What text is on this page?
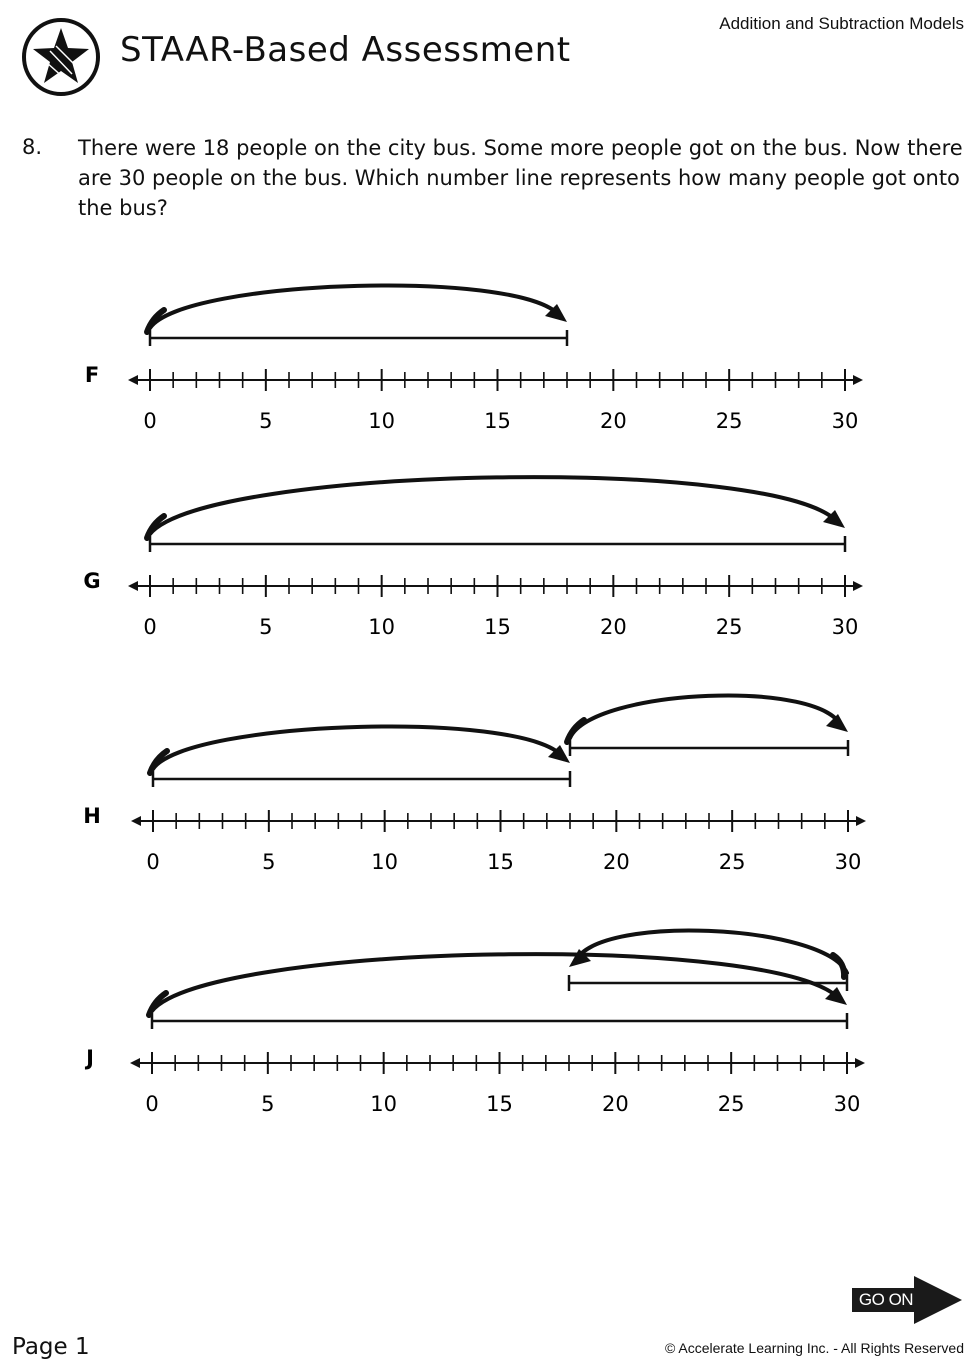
STAAR-Based Assessment
Addition and Subtraction Models
8. There were 18 people on the city bus. Some more people got on the bus. Now there are 30 people on the bus. Which number line represents how many people got onto the bus?
F
0	5	10	15	20	25	30
G
0	5	10	15	20	25	30
H
0	5	10	15	20	25	30
J
0	5	10	15	20	25	30
GO ON
Page 1	© Accelerate Learning Inc. - All Rights Reserved
